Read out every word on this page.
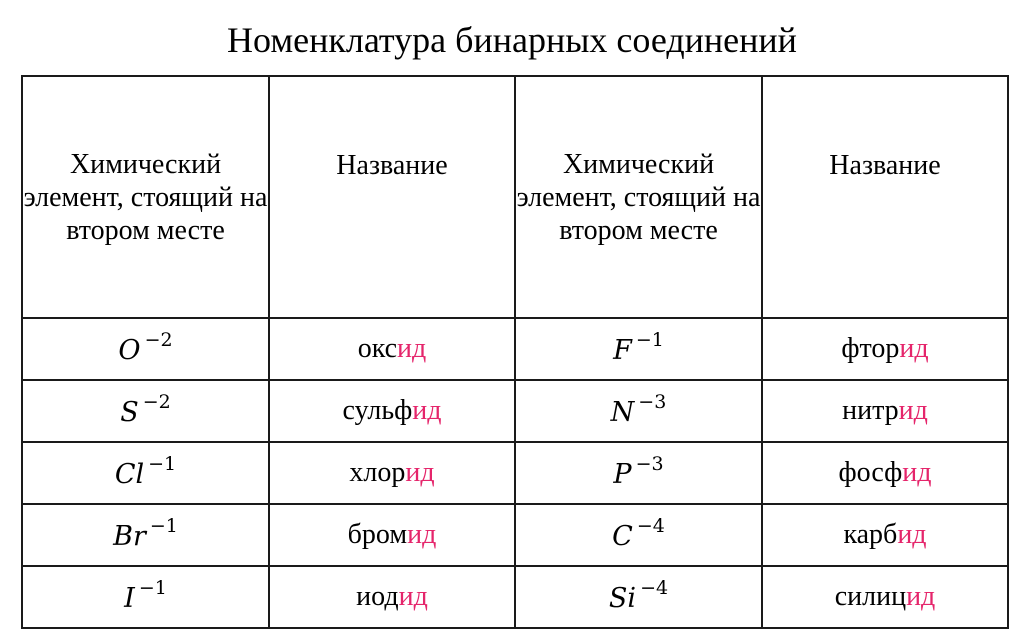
Номенклатура бинарных соединений
Химический элемент, стоящий на втором месте	Название	Химический элемент, стоящий на втором месте	Название
O $^{-2}$	оксид	F $^{-1}$	фторид
S $^{-2}$	сульфид	N $^{-3}$	нитрид
Cl $^{-1}$	хлорид	P $^{-3}$	фосфид
Br $^{-1}$	бромид	C $^{-4}$	карбид
I $^{-1}$	иодид	Si $^{-4}$	силицид
